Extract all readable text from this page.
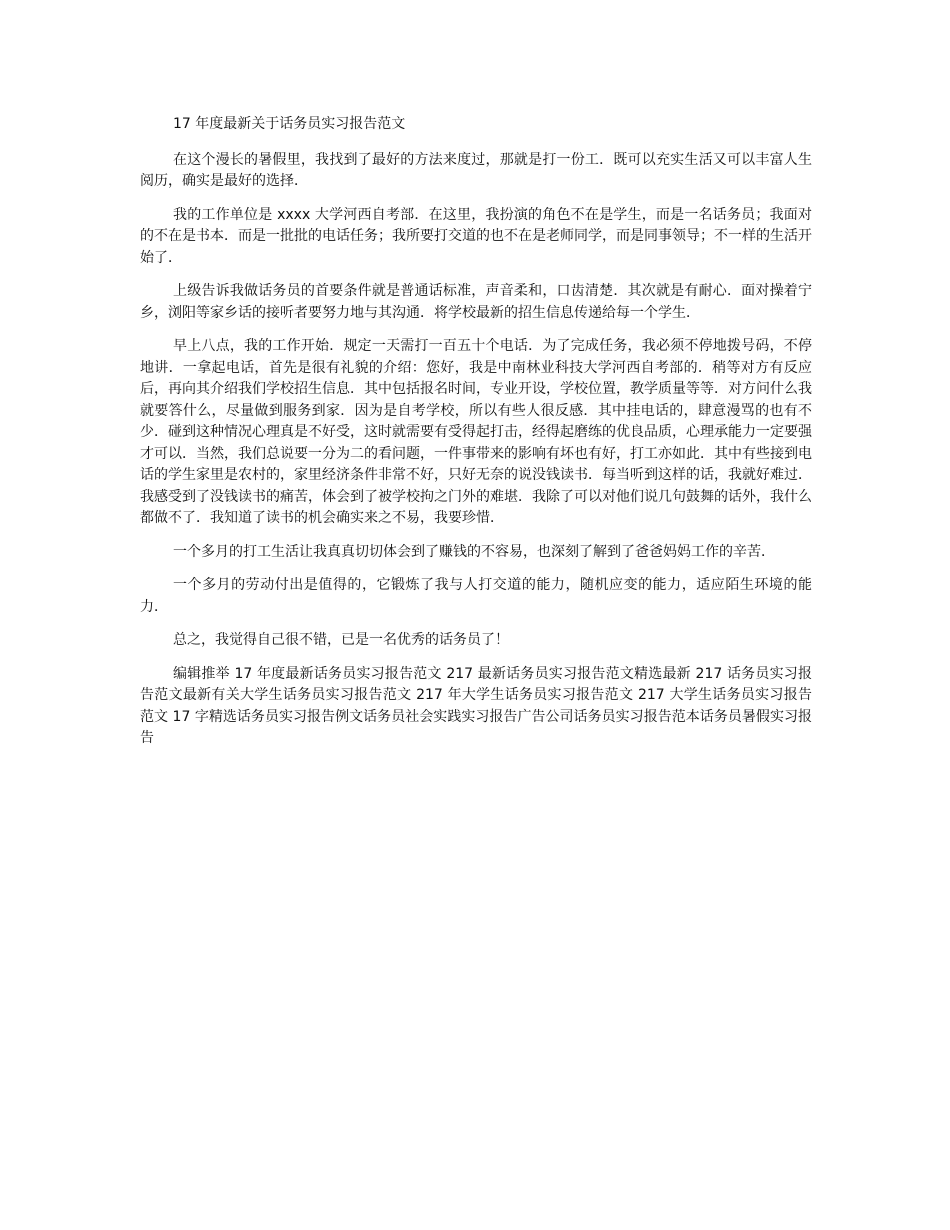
17 年度最新关于话务员实习报告范文

在这个漫长的暑假里，我找到了最好的方法来度过，那就是打一份工．既可以充实生活又可以丰富人生阅历，确实是最好的选择．

我的工作单位是 xxxx 大学河西自考部．在这里，我扮演的角色不在是学生，而是一名话务员；我面对的不在是书本．而是一批批的电话任务；我所要打交道的也不在是老师同学，而是同事领导；不一样的生活开始了．

上级告诉我做话务员的首要条件就是普通话标准，声音柔和，口齿清楚．其次就是有耐心．面对操着宁乡，浏阳等家乡话的接听者要努力地与其沟通．将学校最新的招生信息传递给每一个学生．

早上八点，我的工作开始．规定一天需打一百五十个电话．为了完成任务，我必须不停地拨号码，不停地讲．一拿起电话，首先是很有礼貌的介绍：您好，我是中南林业科技大学河西自考部的．稍等对方有反应后，再向其介绍我们学校招生信息．其中包括报名时间，专业开设，学校位置，教学质量等等．对方问什么我就要答什么，尽量做到服务到家．因为是自考学校，所以有些人很反感．其中挂电话的，肆意漫骂的也有不少．碰到这种情况心理真是不好受，这时就需要有受得起打击，经得起磨练的优良品质，心理承能力一定要强才可以．当然，我们总说要一分为二的看问题，一件事带来的影响有坏也有好，打工亦如此．其中有些接到电话的学生家里是农村的，家里经济条件非常不好，只好无奈的说没钱读书．每当听到这样的话，我就好难过．我感受到了没钱读书的痛苦，体会到了被学校拘之门外的难堪．我除了可以对他们说几句鼓舞的话外，我什么都做不了．我知道了读书的机会确实来之不易，我要珍惜．

一个多月的打工生活让我真真切切体会到了赚钱的不容易，也深刻了解到了爸爸妈妈工作的辛苦．

一个多月的劳动付出是值得的，它锻炼了我与人打交道的能力，随机应变的能力，适应陌生环境的能力．

总之，我觉得自己很不错，已是一名优秀的话务员了！

编辑推举 17 年度最新话务员实习报告范文 217 最新话务员实习报告范文精选最新 217 话务员实习报告范文最新有关大学生话务员实习报告范文 217 年大学生话务员实习报告范文 217 大学生话务员实习报告范文 17 字精选话务员实习报告例文话务员社会实践实习报告广告公司话务员实习报告范本话务员暑假实习报告
